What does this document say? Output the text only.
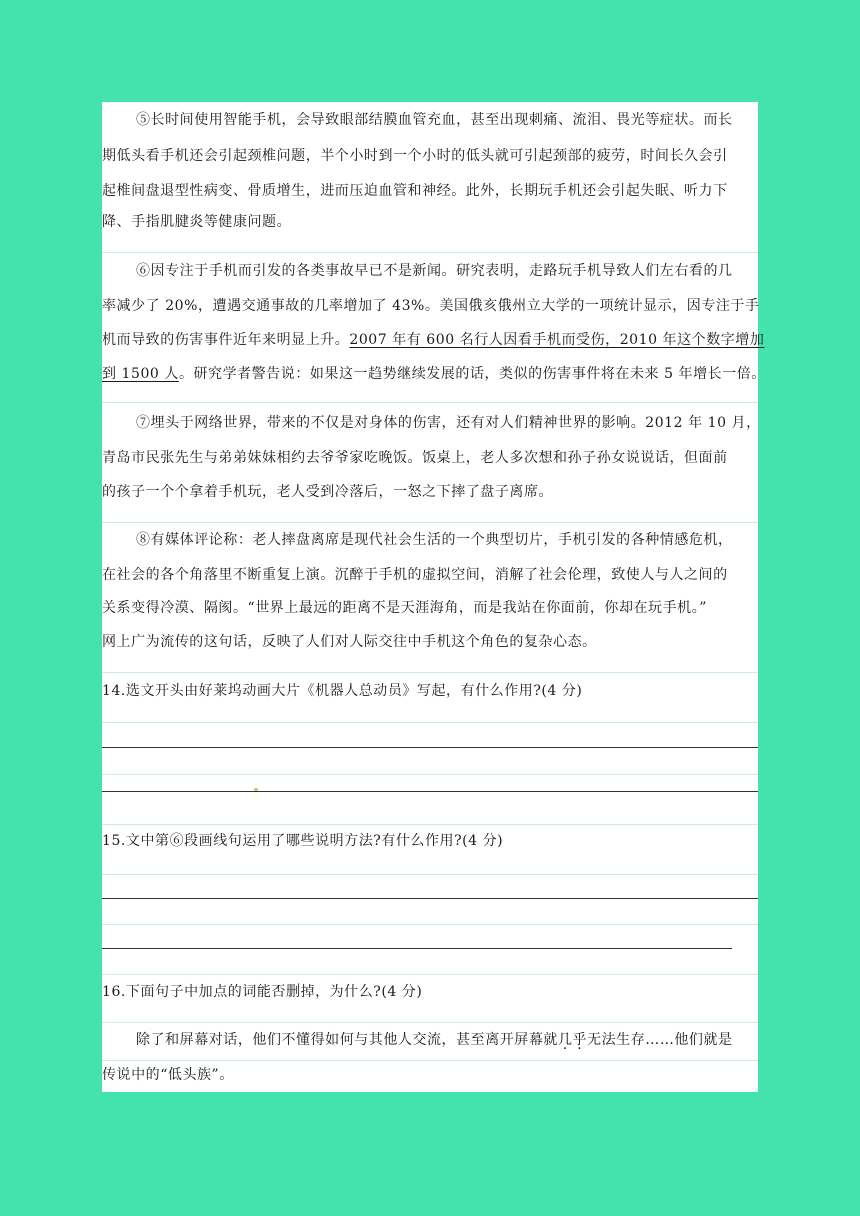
⑤长时间使用智能手机，会导致眼部结膜血管充血，甚至出现刺痛、流泪、畏光等症状。而长
期低头看手机还会引起颈椎问题，半个小时到一个小时的低头就可引起颈部的疲劳，时间长久会引
起椎间盘退型性病变、骨质增生，进而压迫血管和神经。此外，长期玩手机还会引起失眠、听力下
降、手指肌腱炎等健康问题。
⑥因专注于手机而引发的各类事故早已不是新闻。研究表明，走路玩手机导致人们左右看的几
率减少了 20%，遭遇交通事故的几率增加了 43%。美国俄亥俄州立大学的一项统计显示，因专注于手
机而导致的伤害事件近年来明显上升。2007 年有 600 名行人因看手机而受伤，2010 年这个数字增加
到 1500 人。研究学者警告说：如果这一趋势继续发展的话，类似的伤害事件将在未来 5 年增长一倍。
⑦埋头于网络世界，带来的不仅是对身体的伤害，还有对人们精神世界的影响。2012 年 10 月，
青岛市民张先生与弟弟妹妹相约去爷爷家吃晚饭。饭桌上，老人多次想和孙子孙女说说话，但面前
的孩子一个个拿着手机玩，老人受到冷落后，一怒之下摔了盘子离席。
⑧有媒体评论称：老人摔盘离席是现代社会生活的一个典型切片，手机引发的各种情感危机，
在社会的各个角落里不断重复上演。沉醉于手机的虚拟空间，消解了社会伦理，致使人与人之间的
关系变得冷漠、隔阂。“世界上最远的距离不是天涯海角，而是我站在你面前，你却在玩手机。”
网上广为流传的这句话，反映了人们对人际交往中手机这个角色的复杂心态。
14.选文开头由好莱坞动画大片《机器人总动员》写起，有什么作用?(4 分)
15.文中第⑥段画线句运用了哪些说明方法?有什么作用?(4 分)
16.下面句子中加点的词能否删掉，为什么?(4 分)
除了和屏幕对话，他们不懂得如何与其他人交流，甚至离开屏幕就几乎无法生存……他们就是
传说中的“低头族”。
